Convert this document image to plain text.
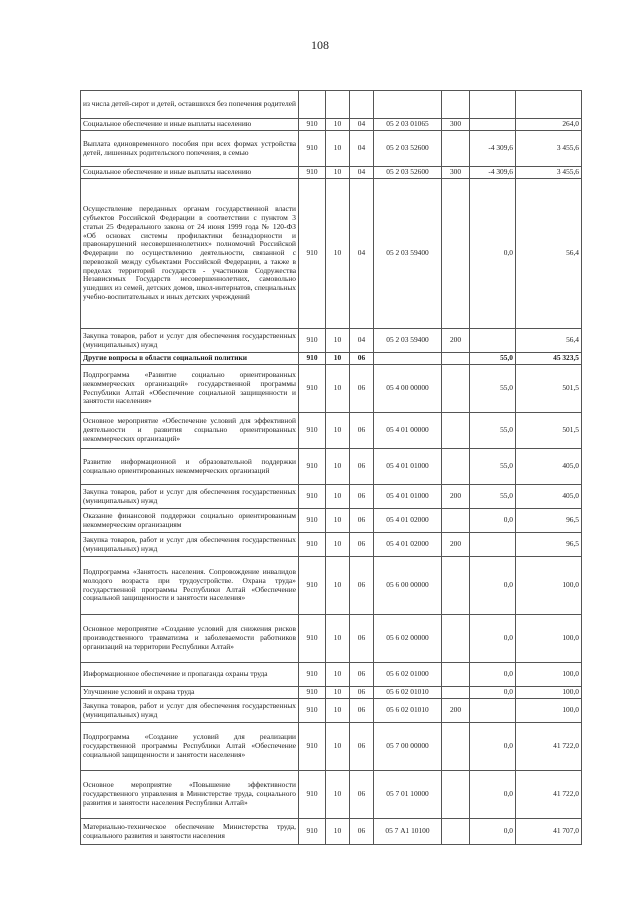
108
из числа детей-сирот и детей, оставшихся без попечения родителей							
Социальное обеспечение и иные выплаты населению	910	10	04	05 2 03 01065	300		264,0
Выплата единовременного пособия при всех формах устройства детей, лишенных родительского попечения, в семью	910	10	04	05 2 03 52600		-4 309,6	3 455,6
Социальное обеспечение и иные выплаты населению	910	10	04	05 2 03 52600	300	-4 309,6	3 455,6
Осуществление переданных органам государственной власти субъектов Российской Федерации в соответствии с пунктом 3 статьи 25 Федерального закона от 24 июня 1999 года № 120-ФЗ «Об основах системы профилактики безнадзорности и правонарушений несовершеннолетних» полномочий Российской Федерации по осуществлению деятельности, связанной с перевозкой между субъектами Российской Федерации, а также в пределах территорий государств - участников Содружества Независимых Государств несовершеннолетних, самовольно ушедших из семей, детских домов, школ-интернатов, специальных учебно-воспитательных и иных детских учреждений	910	10	04	05 2 03 59400		0,0	56,4
Закупка товаров, работ и услуг для обеспечения государственных (муниципальных) нужд	910	10	04	05 2 03 59400	200		56,4
Другие вопросы в области социальной политики	910	10	06			55,0	45 323,5
Подпрограмма «Развитие социально ориентированных некоммерческих организаций» государственной программы Республики Алтай «Обеспечение социальной защищенности и занятости населения»	910	10	06	05 4 00 00000		55,0	501,5
Основное мероприятие «Обеспечение условий для эффективной деятельности и развития социально ориентированных некоммерческих организаций»	910	10	06	05 4 01 00000		55,0	501,5
Развитие информационной и образовательной поддержки социально ориентированных некоммерческих организаций	910	10	06	05 4 01 01000		55,0	405,0
Закупка товаров, работ и услуг для обеспечения государственных (муниципальных) нужд	910	10	06	05 4 01 01000	200	55,0	405,0
Оказание финансовой поддержки социально ориентированным некоммерческим организациям	910	10	06	05 4 01 02000		0,0	96,5
Закупка товаров, работ и услуг для обеспечения государственных (муниципальных) нужд	910	10	06	05 4 01 02000	200		96,5
Подпрограмма «Занятость населения. Сопровождение инвалидов молодого возраста при трудоустройстве. Охрана труда» государственной программы Республики Алтай «Обеспечение социальной защищенности и занятости населения»	910	10	06	05 6 00 00000		0,0	100,0
Основное мероприятие «Создание условий для снижения рисков производственного травматизма и заболеваемости работников организаций на территории Республики Алтай»	910	10	06	05 6 02 00000		0,0	100,0
Информационное обеспечение и пропаганда охраны труда	910	10	06	05 6 02 01000		0,0	100,0
Улучшение условий и охрана труда	910	10	06	05 6 02 01010		0,0	100,0
Закупка товаров, работ и услуг для обеспечения государственных (муниципальных) нужд	910	10	06	05 6 02 01010	200		100,0
Подпрограмма «Создание условий для реализации государственной программы Республики Алтай «Обеспечение социальной защищенности и занятости населения»	910	10	06	05 7 00 00000		0,0	41 722,0
Основное мероприятие «Повышение эффективности государственного управления в Министерстве труда, социального развития и занятости населения Республики Алтай»	910	10	06	05 7 01 10000		0,0	41 722,0
Материально-техническое обеспечение Министерства труда, социального развития и занятости населения	910	10	06	05 7 А1 10100		0,0	41 707,0
